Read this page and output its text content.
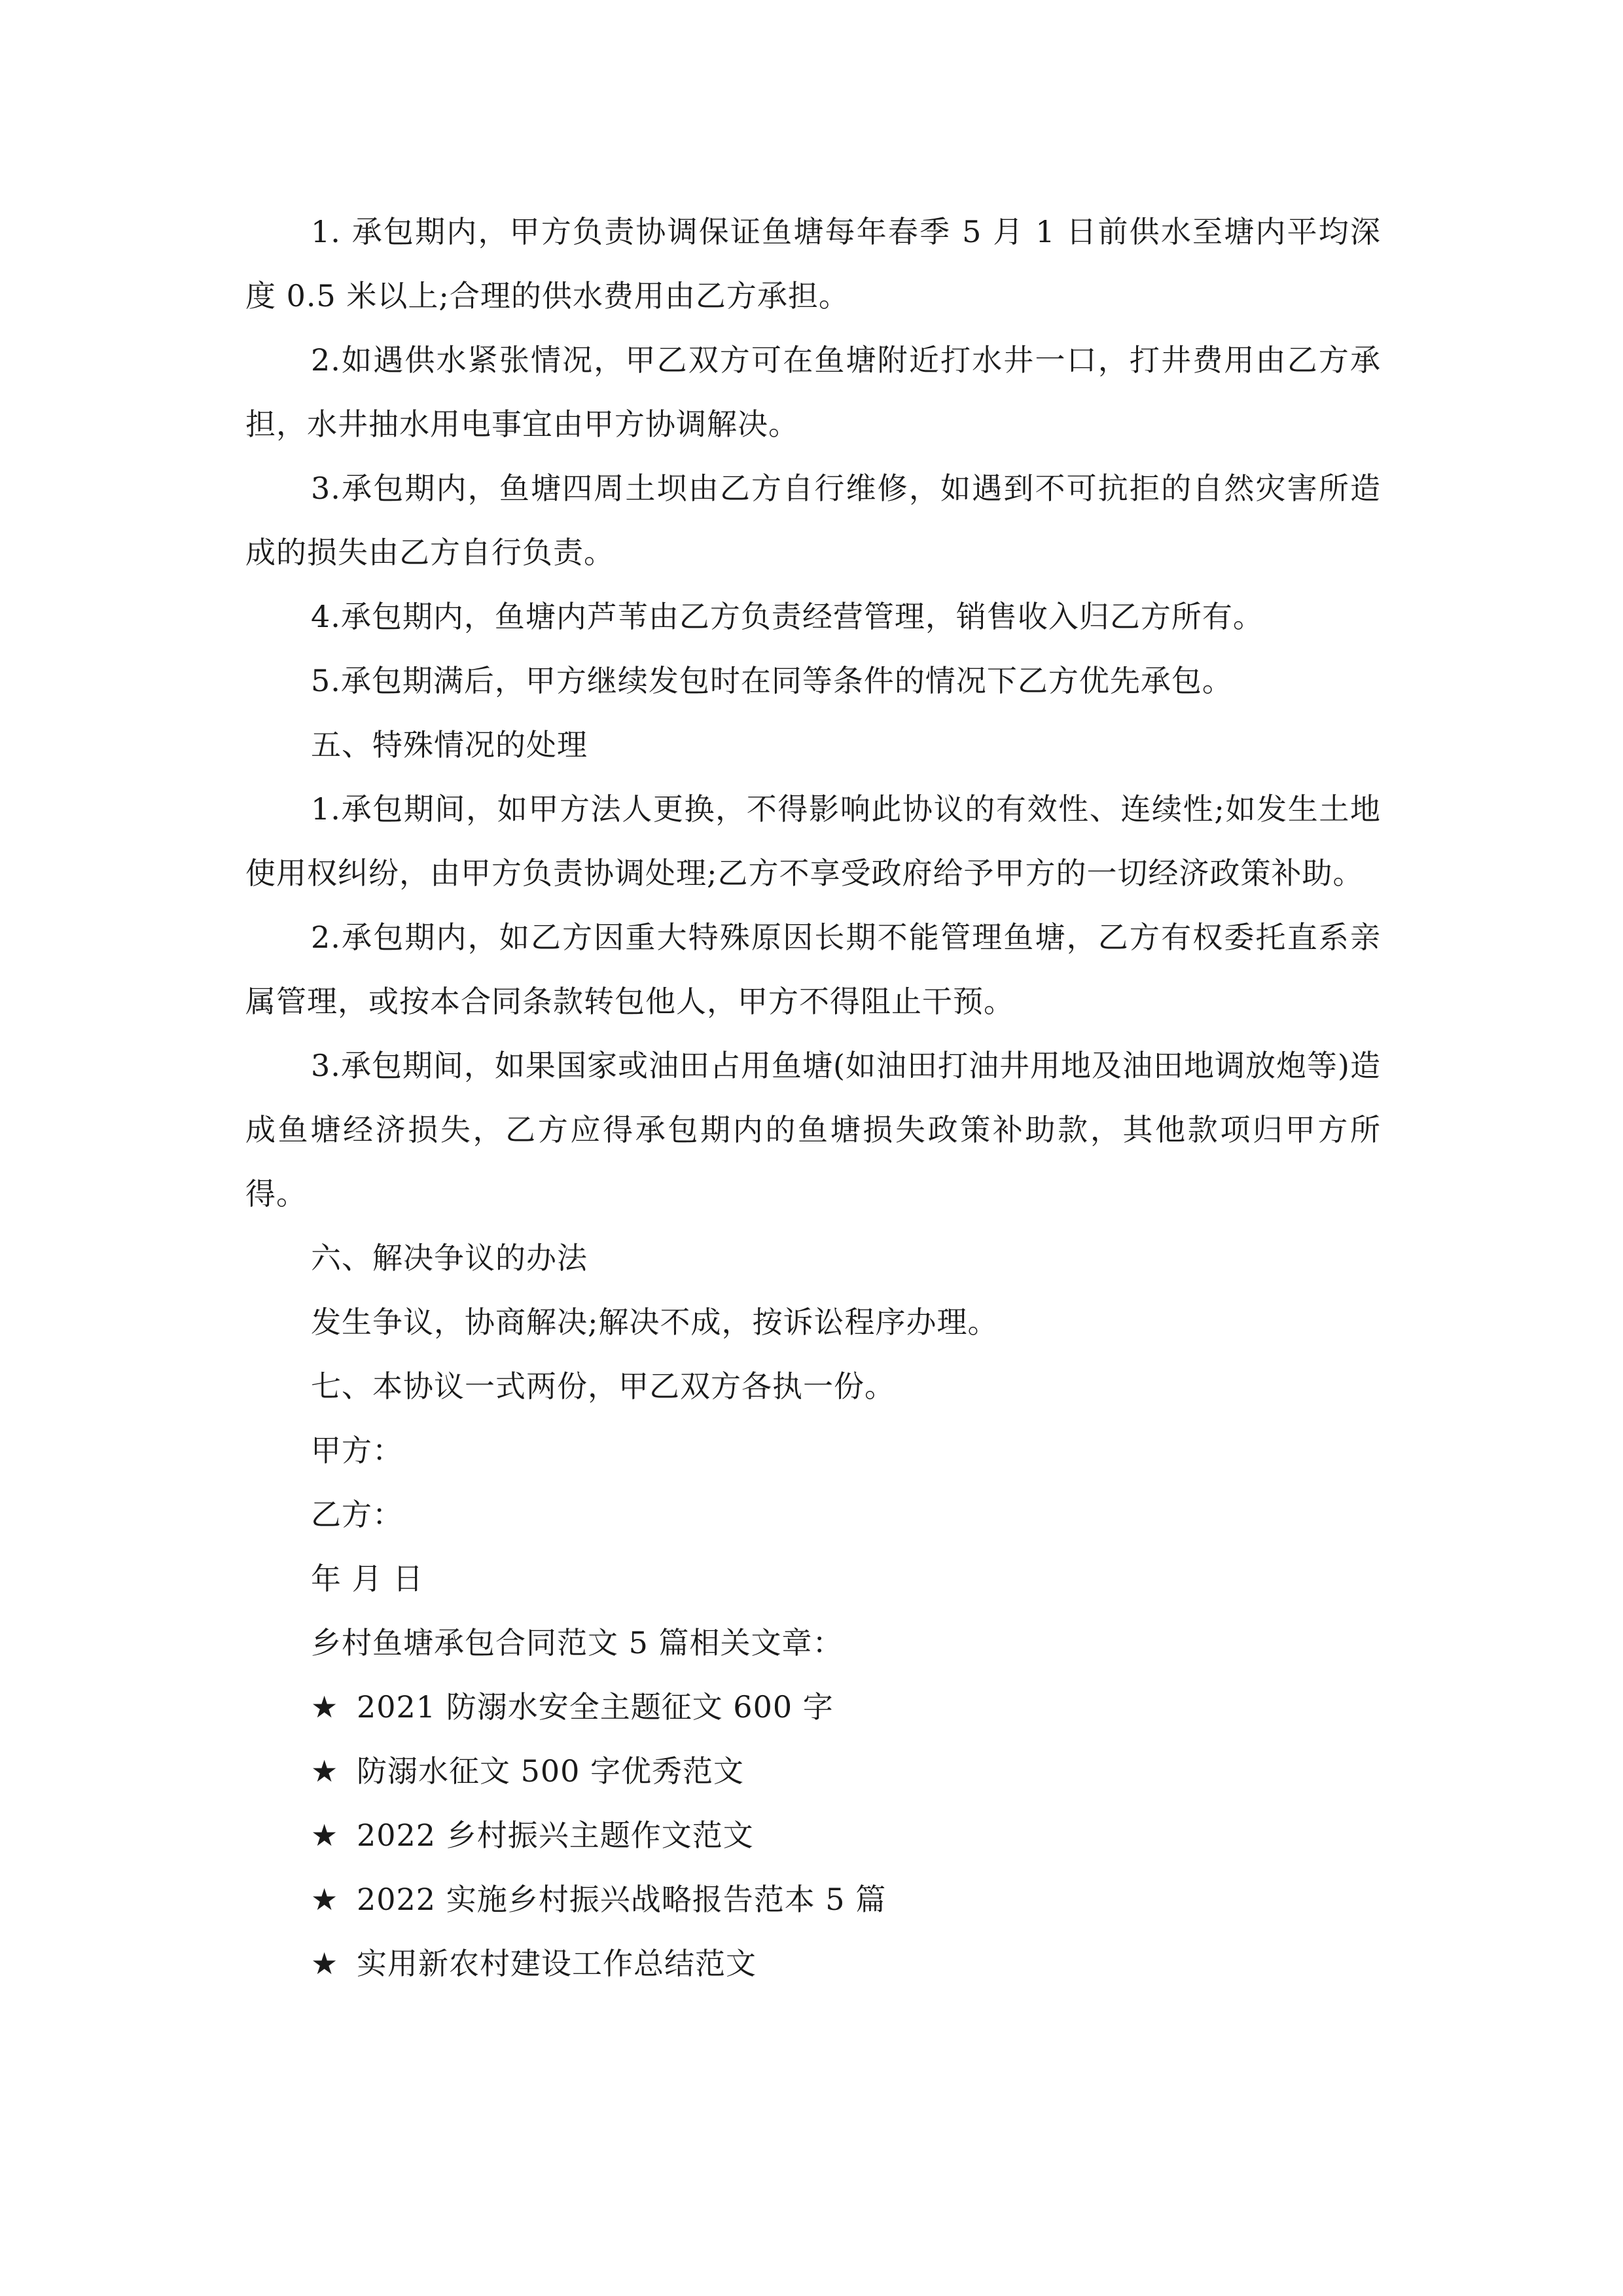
1. 承包期内，甲方负责协调保证鱼塘每年春季 5 月 1 日前供水至塘内平均深度 0.5 米以上;合理的供水费用由乙方承担。

2.如遇供水紧张情况，甲乙双方可在鱼塘附近打水井一口，打井费用由乙方承担，水井抽水用电事宜由甲方协调解决。

3.承包期内，鱼塘四周土坝由乙方自行维修，如遇到不可抗拒的自然灾害所造成的损失由乙方自行负责。

4.承包期内，鱼塘内芦苇由乙方负责经营管理，销售收入归乙方所有。

5.承包期满后，甲方继续发包时在同等条件的情况下乙方优先承包。

五、特殊情况的处理

1.承包期间，如甲方法人更换，不得影响此协议的有效性、连续性;如发生土地使用权纠纷，由甲方负责协调处理;乙方不享受政府给予甲方的一切经济政策补助。

2.承包期内，如乙方因重大特殊原因长期不能管理鱼塘，乙方有权委托直系亲属管理，或按本合同条款转包他人，甲方不得阻止干预。

3.承包期间，如果国家或油田占用鱼塘(如油田打油井用地及油田地调放炮等)造成鱼塘经济损失，乙方应得承包期内的鱼塘损失政策补助款，其他款项归甲方所得。

六、解决争议的办法

发生争议，协商解决;解决不成，按诉讼程序办理。

七、本协议一式两份，甲乙双方各执一份。

甲方：

乙方：

年 月 日

乡村鱼塘承包合同范文 5 篇相关文章：

★ 2021 防溺水安全主题征文 600 字

★ 防溺水征文 500 字优秀范文

★ 2022 乡村振兴主题作文范文

★ 2022 实施乡村振兴战略报告范本 5 篇

★ 实用新农村建设工作总结范文
